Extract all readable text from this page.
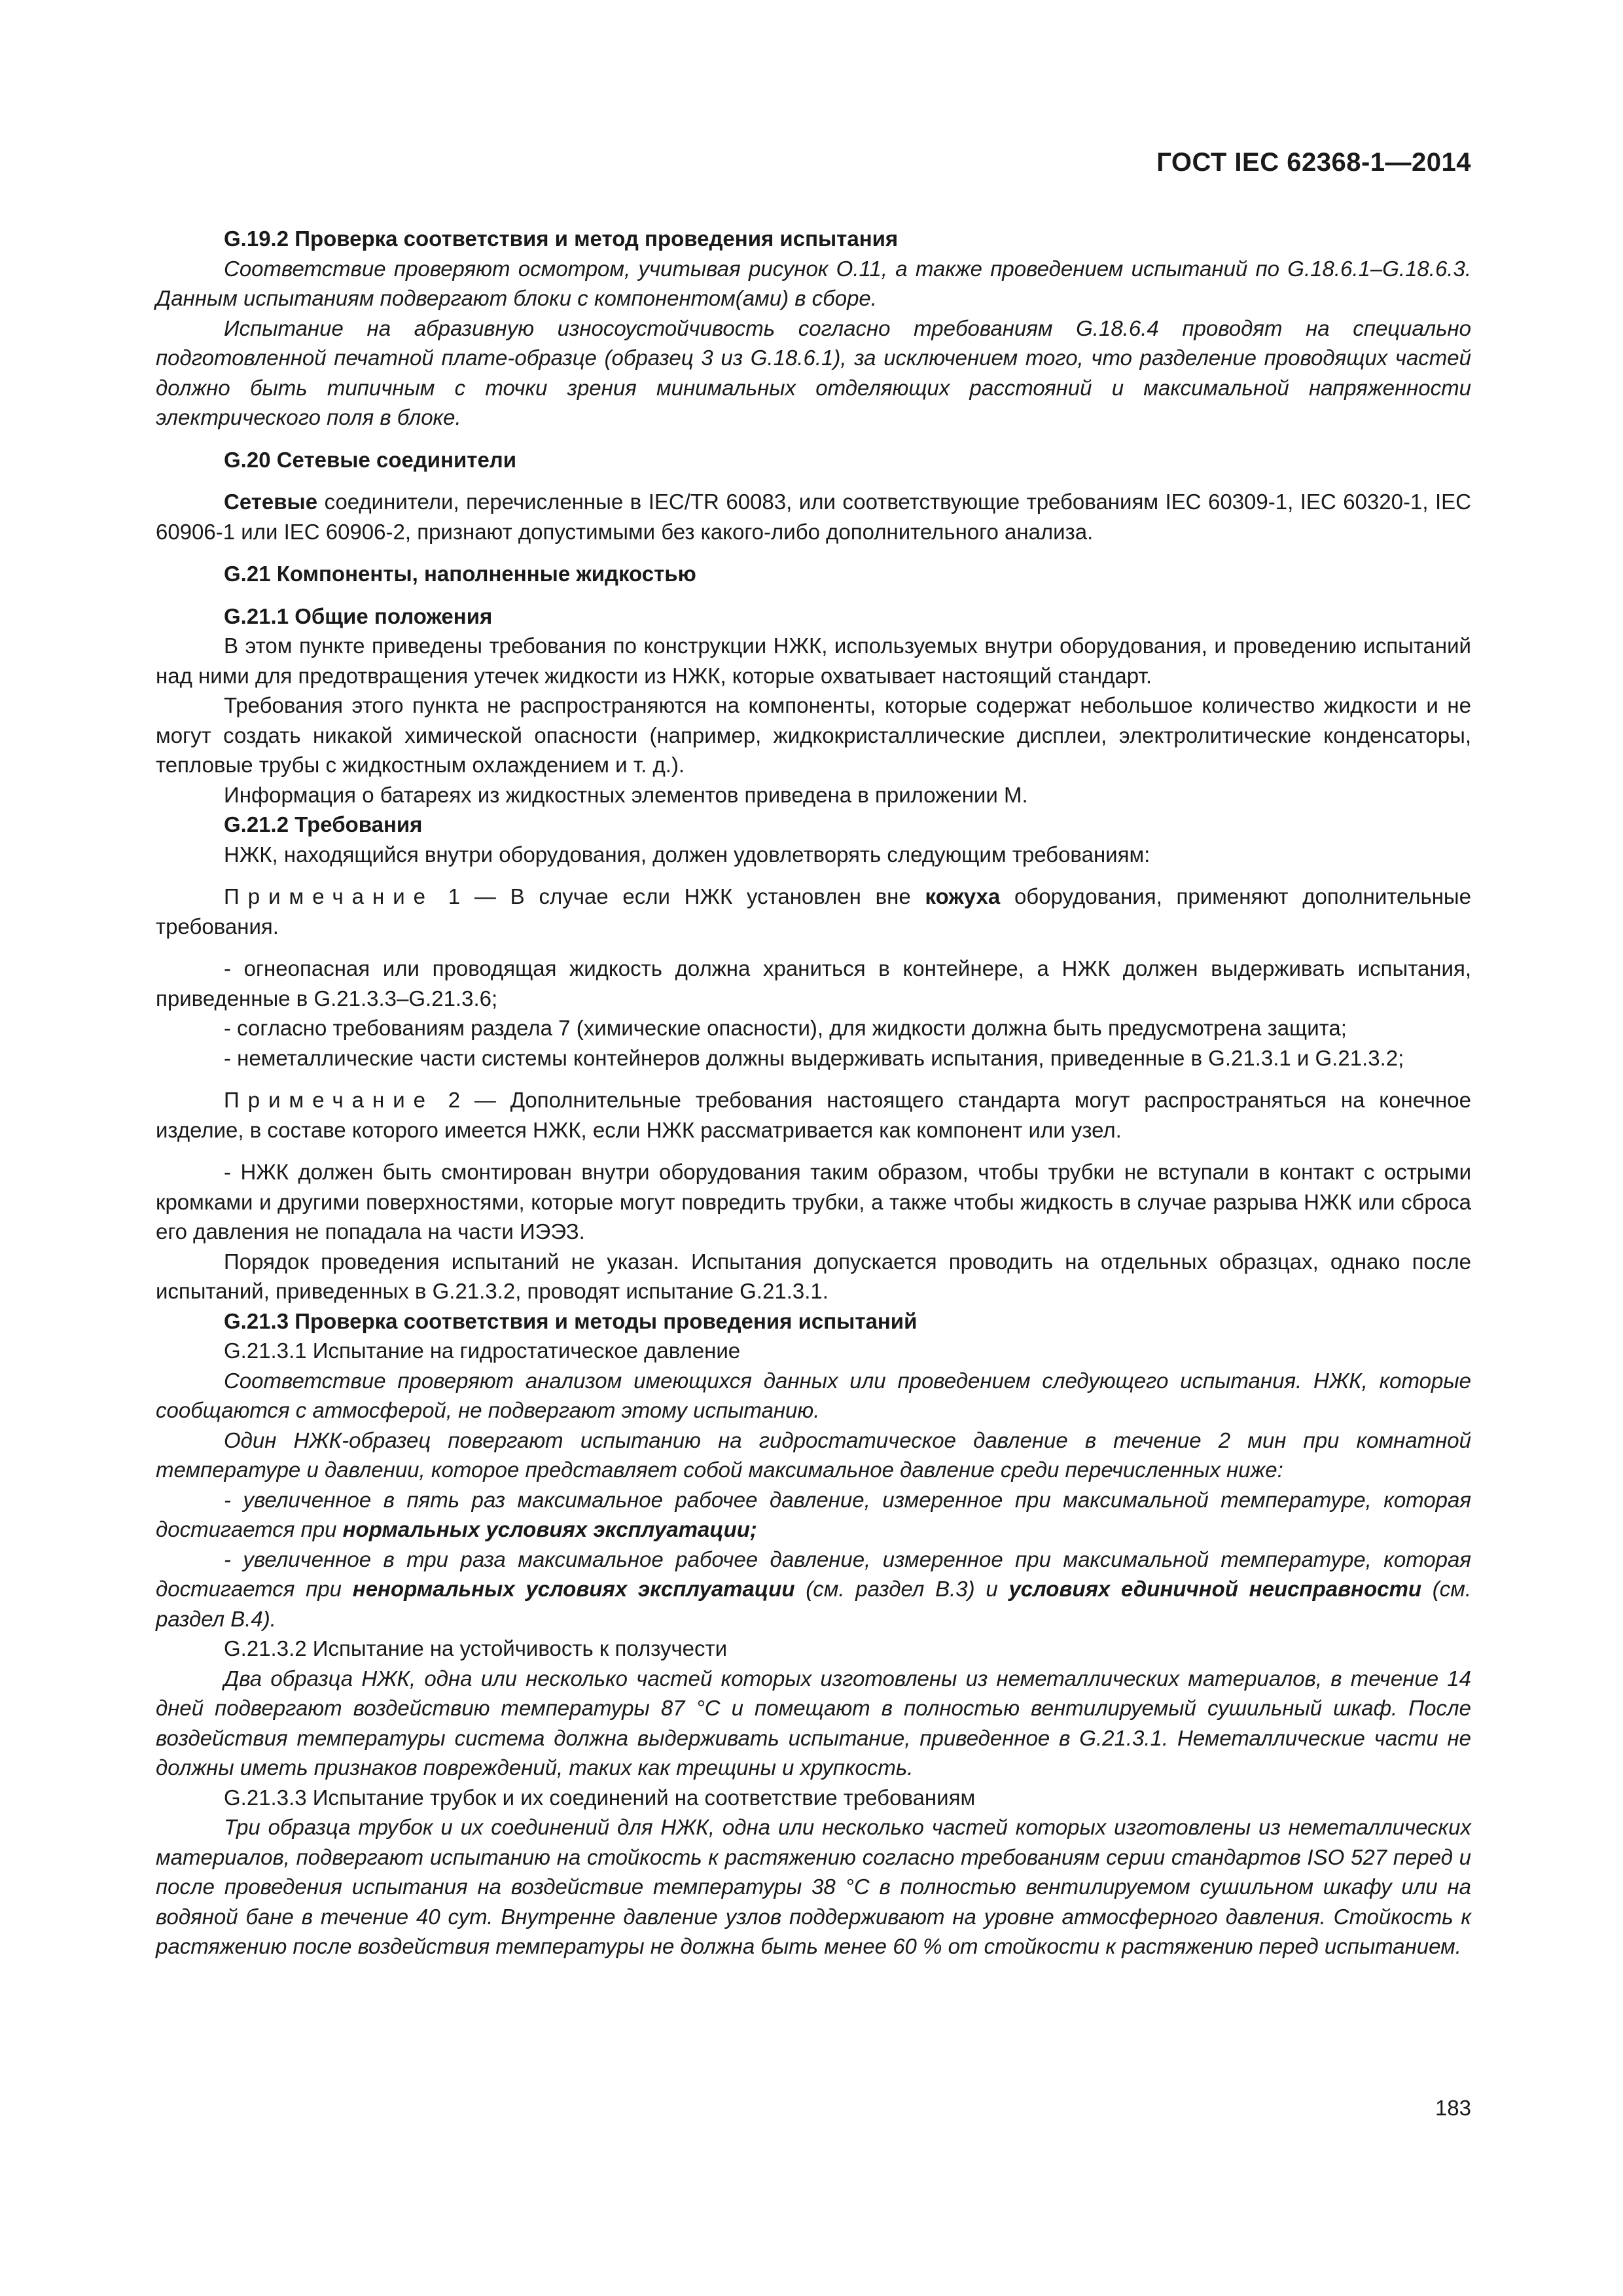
ГОСТ IEC 62368-1—2014

G.19.2 Проверка соответствия и метод проведения испытания

Соответствие проверяют осмотром, учитывая рисунок О.11, а также проведением испытаний по G.18.6.1–G.18.6.3. Данным испытаниям подвергают блоки с компонентом(ами) в сборе.

Испытание на абразивную износоустойчивость согласно требованиям G.18.6.4 проводят на специально подготовленной печатной плате-образце (образец 3 из G.18.6.1), за исключением того, что разделение проводящих частей должно быть типичным с точки зрения минимальных отделяющих расстояний и максимальной напряженности электрического поля в блоке.

G.20 Сетевые соединители

Сетевые соединители, перечисленные в IEC/TR 60083, или соответствующие требованиям IEC 60309-1, IEC 60320-1, IEC 60906-1 или IEC 60906-2, признают допустимыми без какого-либо дополнительного анализа.

G.21 Компоненты, наполненные жидкостью

G.21.1 Общие положения

В этом пункте приведены требования по конструкции НЖК, используемых внутри оборудования, и проведению испытаний над ними для предотвращения утечек жидкости из НЖК, которые охватывает настоящий стандарт.

Требования этого пункта не распространяются на компоненты, которые содержат небольшое количество жидкости и не могут создать никакой химической опасности (например, жидкокристаллические дисплеи, электролитические конденсаторы, тепловые трубы с жидкостным охлаждением и т. д.).

Информация о батареях из жидкостных элементов приведена в приложении М.

G.21.2 Требования

НЖК, находящийся внутри оборудования, должен удовлетворять следующим требованиям:

Примечание 1 — В случае если НЖК установлен вне кожуха оборудования, применяют дополнительные требования.

- огнеопасная или проводящая жидкость должна храниться в контейнере, а НЖК должен выдерживать испытания, приведенные в G.21.3.3–G.21.3.6;

- согласно требованиям раздела 7 (химические опасности), для жидкости должна быть предусмотрена защита;

- неметаллические части системы контейнеров должны выдерживать испытания, приведенные в G.21.3.1 и G.21.3.2;

Примечание 2 — Дополнительные требования настоящего стандарта могут распространяться на конечное изделие, в составе которого имеется НЖК, если НЖК рассматривается как компонент или узел.

- НЖК должен быть смонтирован внутри оборудования таким образом, чтобы трубки не вступали в контакт с острыми кромками и другими поверхностями, которые могут повредить трубки, а также чтобы жидкость в случае разрыва НЖК или сброса его давления не попадала на части ИЭЭЗ.

Порядок проведения испытаний не указан. Испытания допускается проводить на отдельных образцах, однако после испытаний, приведенных в G.21.3.2, проводят испытание G.21.3.1.

G.21.3 Проверка соответствия и методы проведения испытаний

G.21.3.1 Испытание на гидростатическое давление

Соответствие проверяют анализом имеющихся данных или проведением следующего испытания. НЖК, которые сообщаются с атмосферой, не подвергают этому испытанию.

Один НЖК-образец повергают испытанию на гидростатическое давление в течение 2 мин при комнатной температуре и давлении, которое представляет собой максимальное давление среди перечисленных ниже:

- увеличенное в пять раз максимальное рабочее давление, измеренное при максимальной температуре, которая достигается при нормальных условиях эксплуатации;

- увеличенное в три раза максимальное рабочее давление, измеренное при максимальной температуре, которая достигается при ненормальных условиях эксплуатации (см. раздел В.3) и условиях единичной неисправности (см. раздел В.4).

G.21.3.2 Испытание на устойчивость к ползучести

Два образца НЖК, одна или несколько частей которых изготовлены из неметаллических материалов, в течение 14 дней подвергают воздействию температуры 87 °С и помещают в полностью вентилируемый сушильный шкаф. После воздействия температуры система должна выдерживать испытание, приведенное в G.21.3.1. Неметаллические части не должны иметь признаков повреждений, таких как трещины и хрупкость.

G.21.3.3 Испытание трубок и их соединений на соответствие требованиям

Три образца трубок и их соединений для НЖК, одна или несколько частей которых изготовлены из неметаллических материалов, подвергают испытанию на стойкость к растяжению согласно требованиям серии стандартов ISO 527 перед и после проведения испытания на воздействие температуры 38 °С в полностью вентилируемом сушильном шкафу или на водяной бане в течение 40 сут. Внутренне давление узлов поддерживают на уровне атмосферного давления. Стойкость к растяжению после воздействия температуры не должна быть менее 60 % от стойкости к растяжению перед испытанием.

183
